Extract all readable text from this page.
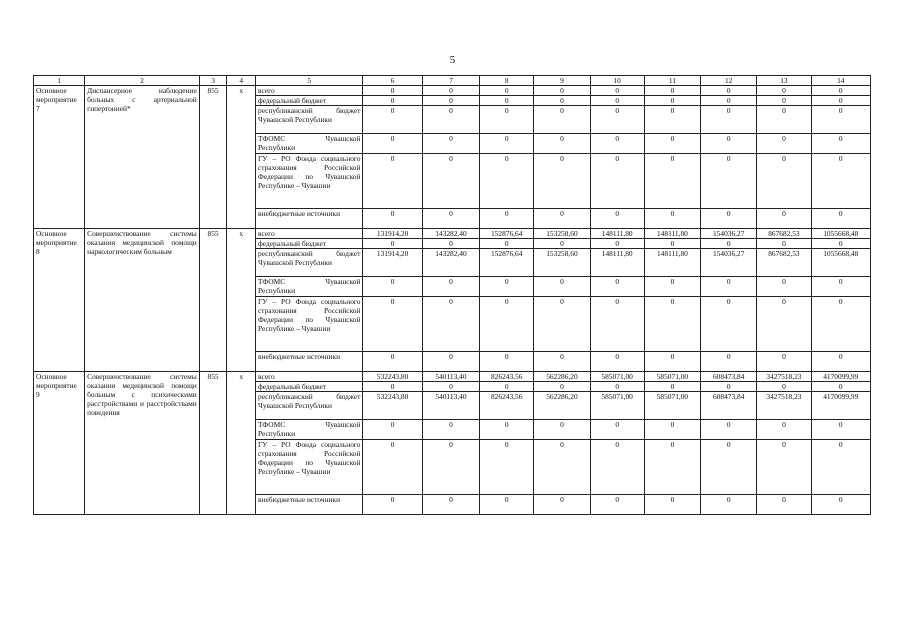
5
1	2	3	4	5	6	7	8	9	10	11	12	13	14
Основное мероприятие 7	Диспансерное наблюдение больных с артериальной гипертонией*	855	x	всего	0	0	0	0	0	0	0	0	0
				федеральный бюджет	0	0	0	0	0	0	0	0	0
				республиканский бюджет Чувашской Республики	0	0	0	0	0	0	0	0	0
				ТФОМС Чувашской Республики	0	0	0	0	0	0	0	0	0
				ГУ – РО Фонда социального страхования Российской Федерации по Чувашской Республике – Чувашии	0	0	0	0	0	0	0	0	0
				внебюджетные источники	0	0	0	0	0	0	0	0	0
Основное мероприятие 8	Совершенствование системы оказания медицинской помощи наркологическим больным	855	x	всего	131914,20	143282,40	152876,64	153258,60	148111,80	148111,80	154036,27	867682,53	1055668,48
				федеральный бюджет	0	0	0	0	0	0	0	0	0
				республиканский бюджет Чувашской Республики	131914,20	143282,40	152876,64	153258,60	148111,80	148111,80	154036,27	867682,53	1055668,48
				ТФОМС Чувашской Республики	0	0	0	0	0	0	0	0	0
				ГУ – РО Фонда социального страхования Российской Федерации по Чувашской Республике – Чувашии	0	0	0	0	0	0	0	0	0
				внебюджетные источники	0	0	0	0	0	0	0	0	0
Основное мероприятие 9	Совершенствование системы оказания медицинской помощи больным с психическими расстройствами и расстройствами поведения	855	x	всего	532243,80	540113,40	826243,56	562286,20	585071,00	585071,00	608473,84	3427518,23	4170099,99
				федеральный бюджет	0	0	0	0	0	0	0	0	0
				республиканский бюджет Чувашской Республики	532243,80	540113,40	826243,56	562286,20	585071,00	585071,00	608473,84	3427518,23	4170099,99
				ТФОМС Чувашской Республики	0	0	0	0	0	0	0	0	0
				ГУ – РО Фонда социального страхования Российской Федерации по Чувашской Республике – Чувашии	0	0	0	0	0	0	0	0	0
				внебюджетные источники	0	0	0	0	0	0	0	0	0
